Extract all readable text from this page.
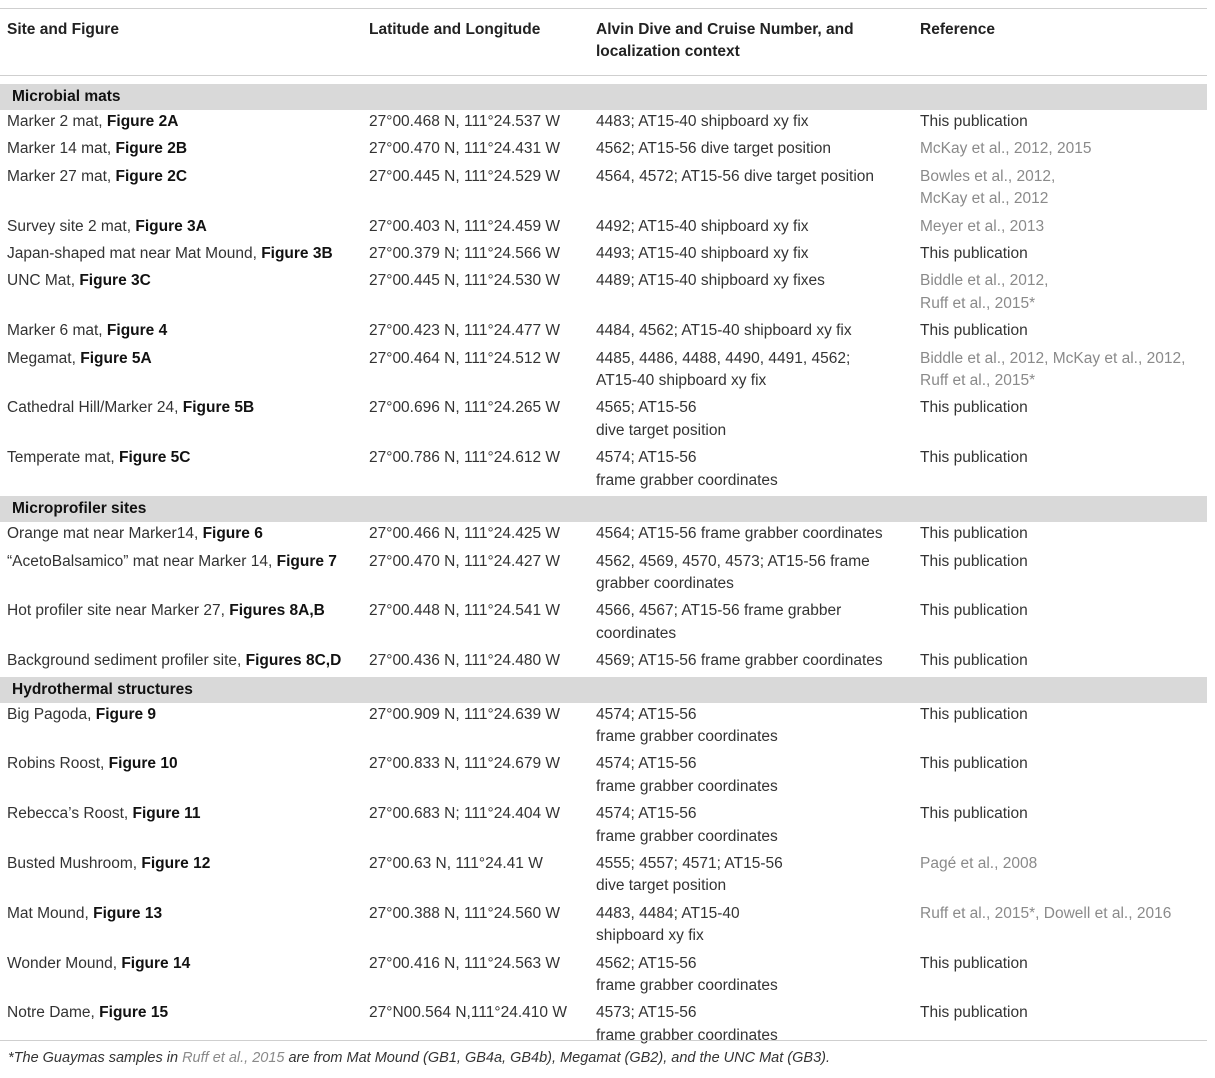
Site and Figure	Latitude and Longitude	Alvin Dive and Cruise Number, and localization context	Reference

Microbial mats			
Marker 2 mat, Figure 2A	27°00.468 N, 111°24.537 W	4483; AT15-40 shipboard xy fix	This publication
Marker 14 mat, Figure 2B	27°00.470 N, 111°24.431 W	4562; AT15-56 dive target position	McKay et al., 2012, 2015
Marker 27 mat, Figure 2C	27°00.445 N, 111°24.529 W	4564, 4572; AT15-56 dive target position	Bowles et al., 2012,
McKay et al., 2012
Survey site 2 mat, Figure 3A	27°00.403 N, 111°24.459 W	4492; AT15-40 shipboard xy fix	Meyer et al., 2013
Japan-shaped mat near Mat Mound, Figure 3B	27°00.379 N; 111°24.566 W	4493; AT15-40 shipboard xy fix	This publication
UNC Mat, Figure 3C	27°00.445 N, 111°24.530 W	4489; AT15-40 shipboard xy fixes	Biddle et al., 2012,
Ruff et al., 2015*
Marker 6 mat, Figure 4	27°00.423 N, 111°24.477 W	4484, 4562; AT15-40 shipboard xy fix	This publication
Megamat, Figure 5A	27°00.464 N, 111°24.512 W	4485, 4486, 4488, 4490, 4491, 4562;
AT15-40 shipboard xy fix	Biddle et al., 2012, McKay et al., 2012,
Ruff et al., 2015*
Cathedral Hill/Marker 24, Figure 5B	27°00.696 N, 111°24.265 W	4565; AT15-56
dive target position	This publication
Temperate mat, Figure 5C	27°00.786 N, 111°24.612 W	4574; AT15-56
frame grabber coordinates	This publication
Microprofiler sites			
Orange mat near Marker14, Figure 6	27°00.466 N, 111°24.425 W	4564; AT15-56 frame grabber coordinates	This publication
“AcetoBalsamico” mat near Marker 14, Figure 7	27°00.470 N, 111°24.427 W	4562, 4569, 4570, 4573; AT15-56 frame
grabber coordinates	This publication
Hot profiler site near Marker 27, Figures 8A,B	27°00.448 N, 111°24.541 W	4566, 4567; AT15-56 frame grabber
coordinates	This publication
Background sediment profiler site, Figures 8C,D	27°00.436 N, 111°24.480 W	4569; AT15-56 frame grabber coordinates	This publication
Hydrothermal structures			
Big Pagoda, Figure 9	27°00.909 N, 111°24.639 W	4574; AT15-56
frame grabber coordinates	This publication
Robins Roost, Figure 10	27°00.833 N, 111°24.679 W	4574; AT15-56
frame grabber coordinates	This publication
Rebecca’s Roost, Figure 11	27°00.683 N; 111°24.404 W	4574; AT15-56
frame grabber coordinates	This publication
Busted Mushroom, Figure 12	27°00.63 N, 111°24.41 W	4555; 4557; 4571; AT15-56
dive target position	Pagé et al., 2008
Mat Mound, Figure 13	27°00.388 N, 111°24.560 W	4483, 4484; AT15-40
shipboard xy fix	Ruff et al., 2015*, Dowell et al., 2016
Wonder Mound, Figure 14	27°00.416 N, 111°24.563 W	4562; AT15-56
frame grabber coordinates	This publication
Notre Dame, Figure 15	27°N00.564 N,111°24.410 W	4573; AT15-56
frame grabber coordinates	This publication
*The Guaymas samples in Ruff et al., 2015 are from Mat Mound (GB1, GB4a, GB4b), Megamat (GB2), and the UNC Mat (GB3).
